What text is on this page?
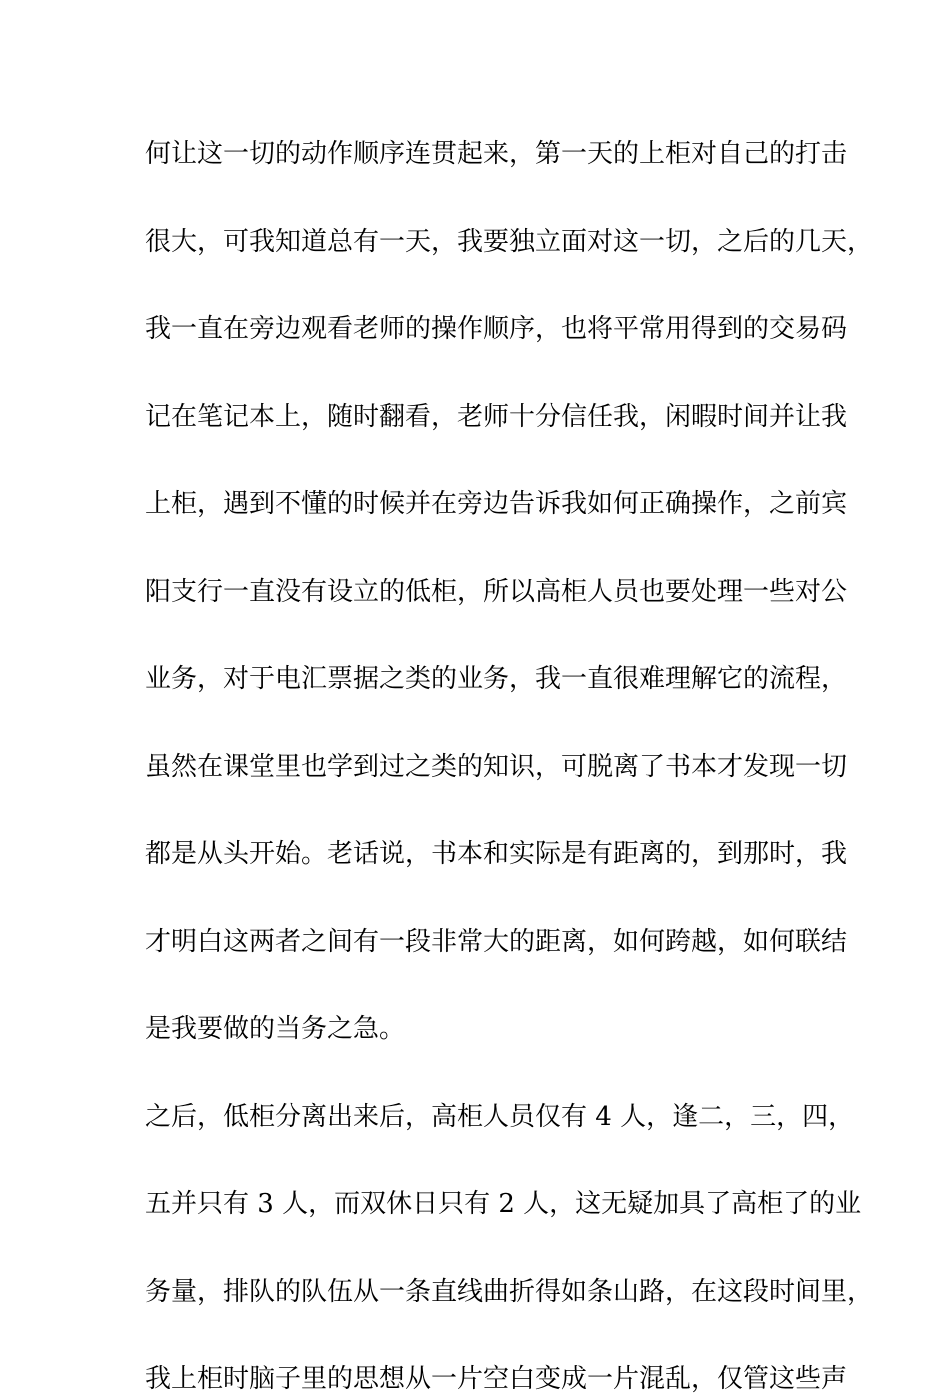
何让这一切的动作顺序连贯起来，第一天的上柜对自己的打击
很大，可我知道总有一天，我要独立面对这一切，之后的几天，
我一直在旁边观看老师的操作顺序，也将平常用得到的交易码
记在笔记本上，随时翻看，老师十分信任我，闲暇时间并让我
上柜，遇到不懂的时候并在旁边告诉我如何正确操作，之前宾
阳支行一直没有设立的低柜，所以高柜人员也要处理一些对公
业务，对于电汇票据之类的业务，我一直很难理解它的流程，
虽然在课堂里也学到过之类的知识，可脱离了书本才发现一切
都是从头开始。老话说，书本和实际是有距离的，到那时，我
才明白这两者之间有一段非常大的距离，如何跨越，如何联结
是我要做的当务之急。
之后，低柜分离出来后，高柜人员仅有 4 人，逢二，三，四，
五并只有 3 人，而双休日只有 2 人，这无疑加具了高柜了的业
务量，排队的队伍从一条直线曲折得如条山路，在这段时间里，
我上柜时脑子里的思想从一片空白变成一片混乱，仅管这些声
